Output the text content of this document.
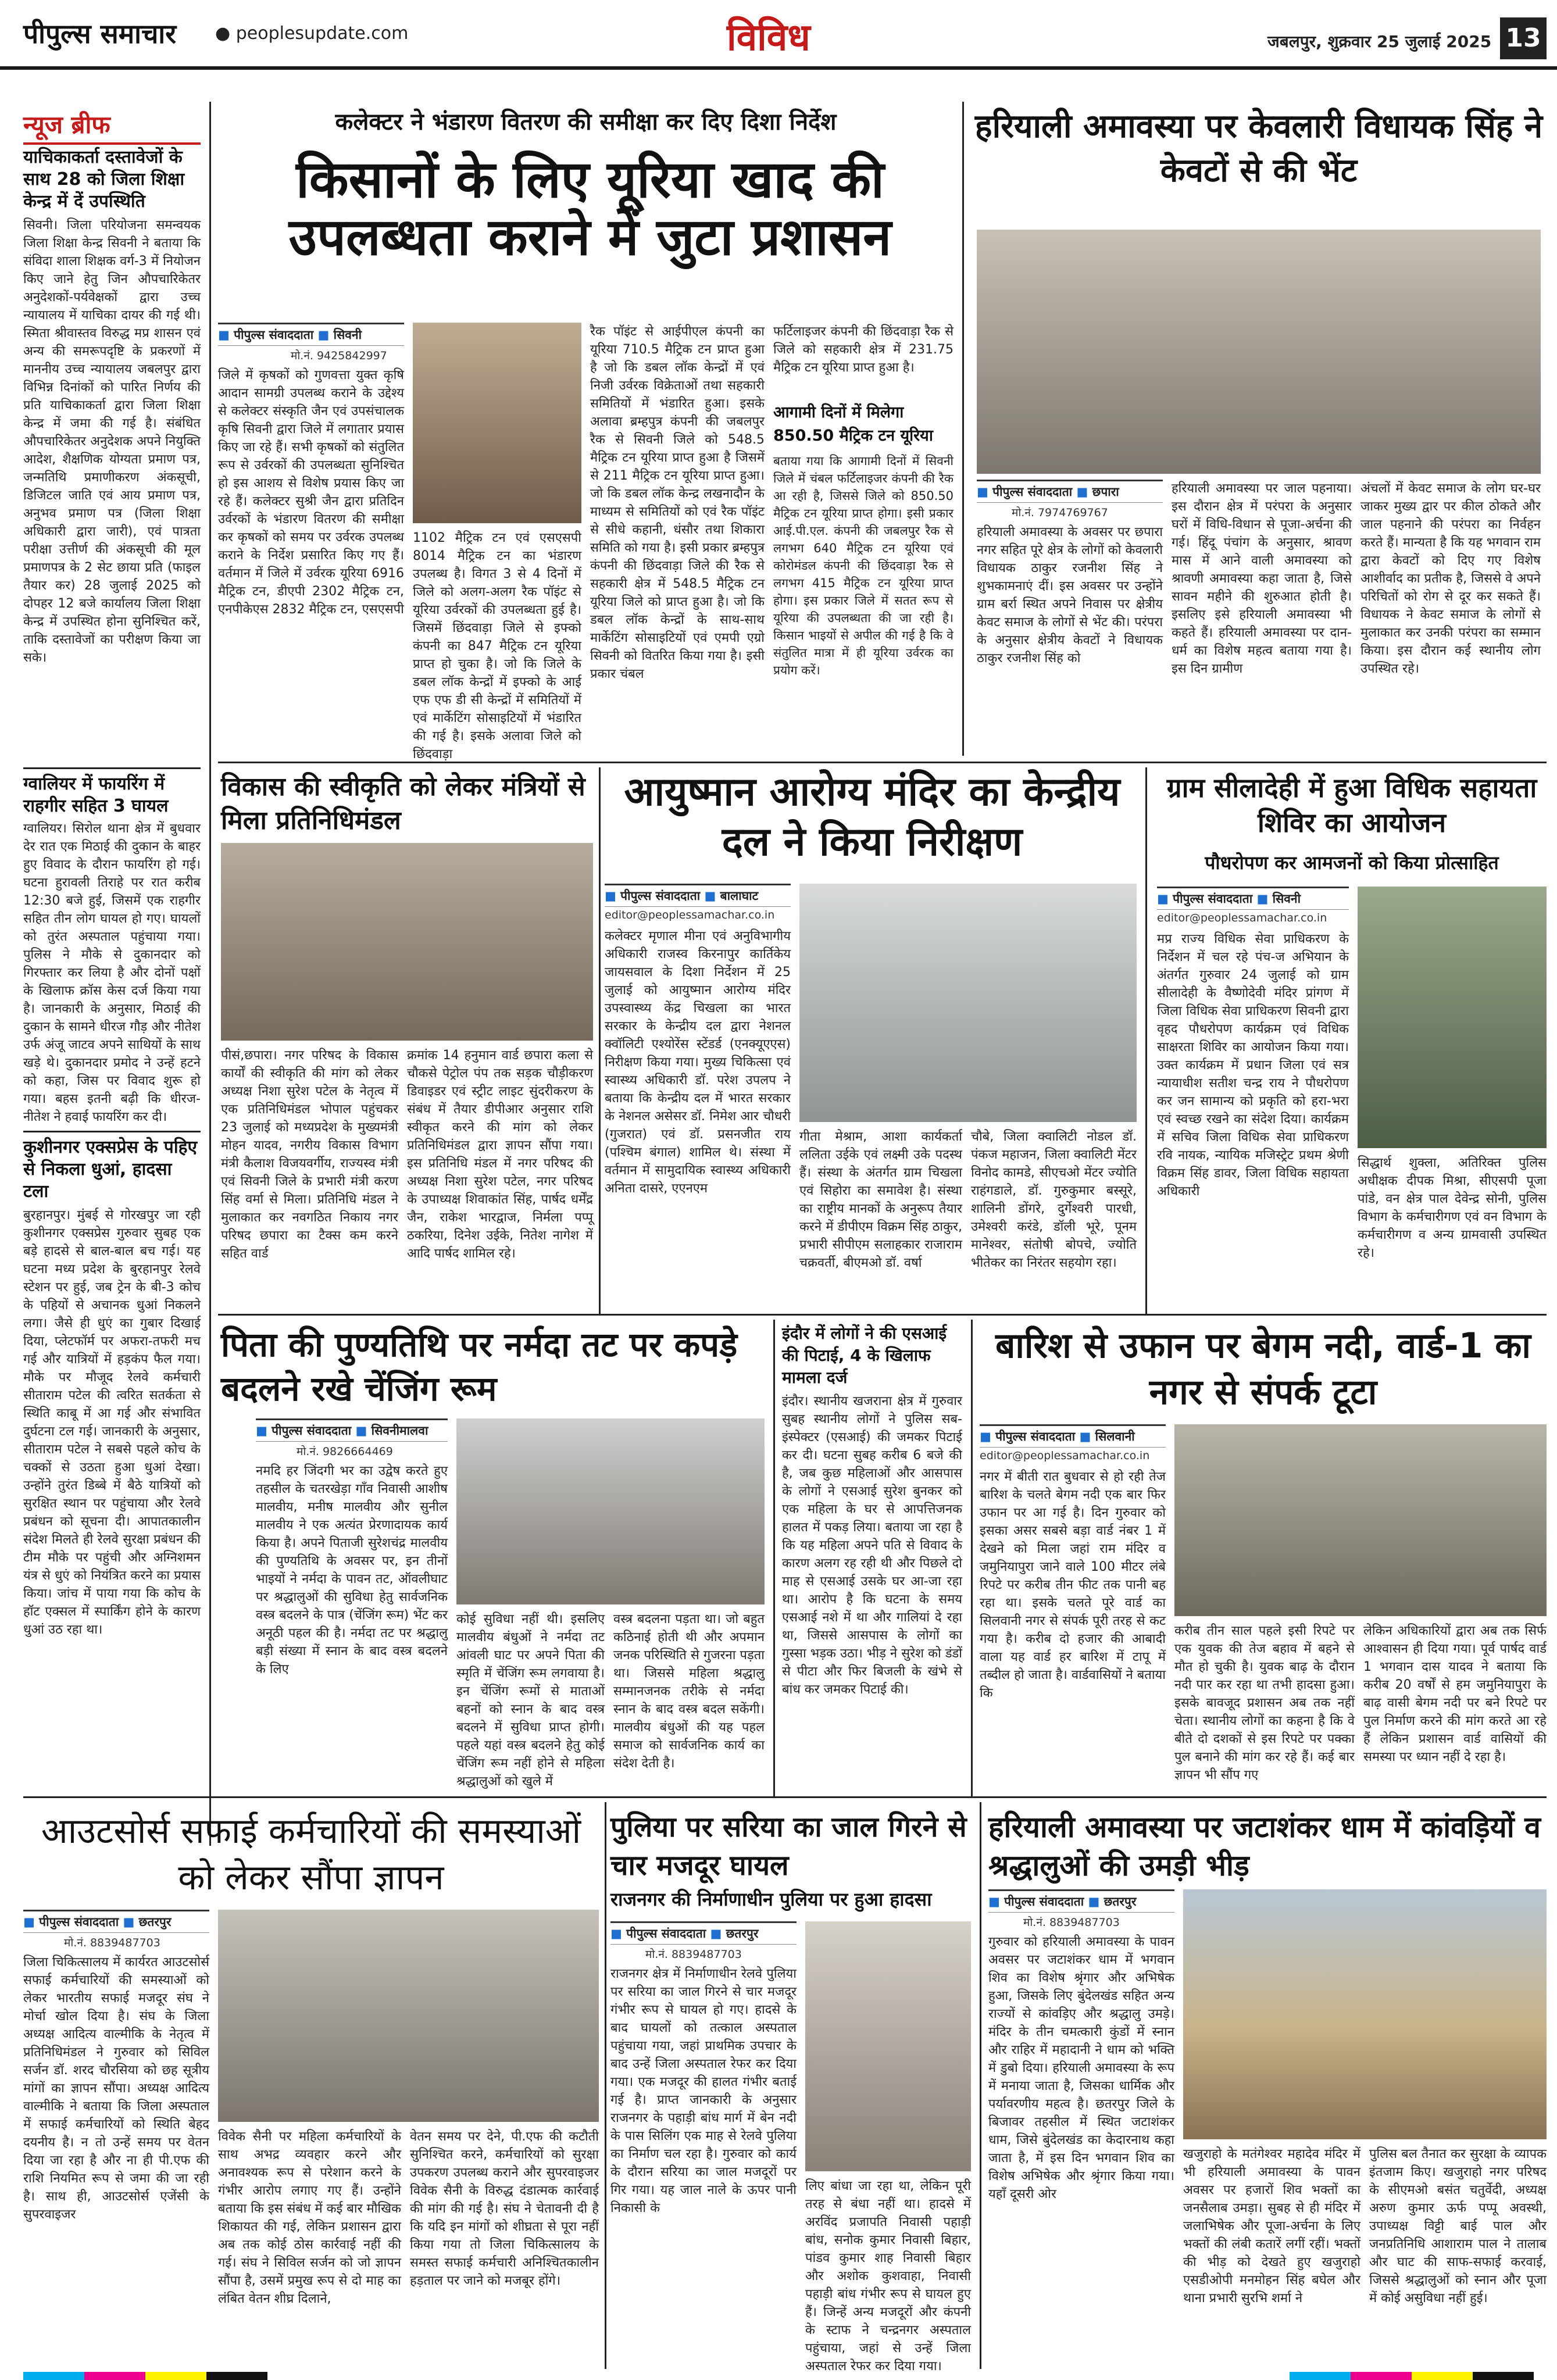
पीपुल्स समाचार ● peoplesupdate.com	विविध	जबलपुर, शुक्रवार 25 जुलाई 2025 13
न्यूज ब्रीफ
याचिकाकर्ता दस्तावेजों के साथ 28 को जिला शिक्षा केन्द्र में दें उपस्थिति
सिवनी। जिला परियोजना समन्वयक जिला शिक्षा केन्द्र सिवनी ने बताया कि संविदा शाला शिक्षक वर्ग-3 में नियोजन किए जाने हेतु जिन औपचारिकेतर अनुदेशकों-पर्यवेक्षकों द्वारा उच्च न्यायालय में याचिका दायर की गई थी। स्मिता श्रीवास्तव विरुद्ध मप्र शासन एवं अन्य की समरूपदृष्टि के प्रकरणों में माननीय उच्च न्यायालय जबलपुर द्वारा विभिन्न दिनांकों को पारित निर्णय की प्रति याचिकाकर्ता द्वारा जिला शिक्षा केन्द्र में जमा की गई है। संबंधित औपचारिकेतर अनुदेशक अपने नियुक्ति आदेश, शैक्षणिक योग्यता प्रमाण पत्र, जन्मतिथि प्रमाणीकरण अंकसूची, डिजिटल जाति एवं आय प्रमाण पत्र, अनुभव प्रमाण पत्र (जिला शिक्षा अधिकारी द्वारा जारी), एवं पात्रता परीक्षा उत्तीर्ण की अंकसूची की मूल प्रमाणपत्र के 2 सेट छाया प्रति (फाइल तैयार कर) 28 जुलाई 2025 को दोपहर 12 बजे कार्यालय जिला शिक्षा केन्द्र में उपस्थित होना सुनिश्चित करें, ताकि दस्तावेजों का परीक्षण किया जा सके।
ग्वालियर में फायरिंग में राहगीर सहित 3 घायल
ग्वालियर। सिरोल थाना क्षेत्र में बुधवार देर रात एक मिठाई की दुकान के बाहर हुए विवाद के दौरान फायरिंग हो गई। घटना हुरावली तिराहे पर रात करीब 12:30 बजे हुई, जिसमें एक राहगीर सहित तीन लोग घायल हो गए। घायलों को तुरंत अस्पताल पहुंचाया गया। पुलिस ने मौके से दुकानदार को गिरफ्तार कर लिया है और दोनों पक्षों के खिलाफ क्रॉस केस दर्ज किया गया है। जानकारी के अनुसार, मिठाई की दुकान के सामने धीरज गौड़ और नीतेश उर्फ अंजू जाटव अपने साथियों के साथ खड़े थे। दुकानदार प्रमोद ने उन्हें हटने को कहा, जिस पर विवाद शुरू हो गया। बहस इतनी बढ़ी कि धीरज-नीतेश ने हवाई फायरिंग कर दी।
कुशीनगर एक्सप्रेस के पहिए से निकला धुआं, हादसा टला
बुरहानपुर। मुंबई से गोरखपुर जा रही कुशीनगर एक्सप्रेस गुरुवार सुबह एक बड़े हादसे से बाल-बाल बच गई। यह घटना मध्य प्रदेश के बुरहानपुर रेलवे स्टेशन पर हुई, जब ट्रेन के बी-3 कोच के पहियों से अचानक धुआं निकलने लगा। जैसे ही धुएं का गुबार दिखाई दिया, प्लेटफॉर्म पर अफरा-तफरी मच गई और यात्रियों में हड़कंप फैल गया। मौके पर मौजूद रेलवे कर्मचारी सीताराम पटेल की त्वरित सतर्कता से स्थिति काबू में आ गई और संभावित दुर्घटना टल गई। जानकारी के अनुसार, सीताराम पटेल ने सबसे पहले कोच के चक्कों से उठता हुआ धुआं देखा। उन्होंने तुरंत डिब्बे में बैठे यात्रियों को सुरक्षित स्थान पर पहुंचाया और रेलवे प्रबंधन को सूचना दी। आपातकालीन संदेश मिलते ही रेलवे सुरक्षा प्रबंधन की टीम मौके पर पहुंची और अग्निशमन यंत्र से धुएं को नियंत्रित करने का प्रयास किया। जांच में पाया गया कि कोच के हॉट एक्सल में स्पार्किंग होने के कारण धुआं उठ रहा था।
कलेक्टर ने भंडारण वितरण की समीक्षा कर दिए दिशा निर्देश
किसानों के लिए यूरिया खाद की उपलब्धता कराने में जुटा प्रशासन
■ पीपुल्स संवाददाता ■ सिवनी
मो.नं. 9425842997
जिले में कृषकों को गुणवत्ता युक्त कृषि आदान सामग्री उपलब्ध कराने के उद्देश्य से कलेक्टर संस्कृति जैन एवं उपसंचालक कृषि सिवनी द्वारा जिले में लगातार प्रयास किए जा रहे हैं। सभी कृषकों को संतुलित रूप से उर्वरकों की उपलब्धता सुनिश्चित हो इस आशय से विशेष प्रयास किए जा रहे हैं। कलेक्टर सुश्री जैन द्वारा प्रतिदिन उर्वरकों के भंडारण वितरण की समीक्षा कर कृषकों को समय पर उर्वरक उपलब्ध कराने के निर्देश प्रसारित किए गए हैं। वर्तमान में जिले में उर्वरक यूरिया 6916 मैट्रिक टन, डीएपी 2302 मैट्रिक टन, एनपीकेएस 2832 मैट्रिक टन, एसएसपी
1102 मैट्रिक टन एवं एसएसपी 8014 मैट्रिक टन का भंडारण उपलब्ध है। विगत 3 से 4 दिनों में जिले को अलग-अलग रैक पॉइंट से यूरिया उर्वरकों की उपलब्धता हुई है। जिसमें छिंदवाड़ा जिले से इफ्को कंपनी का 847 मैट्रिक टन यूरिया प्राप्त हो चुका है। जो कि जिले के डबल लॉक केन्द्रों में इफ्को के आई एफ एफ डी सी केन्द्रों में समितियों में एवं मार्केटिंग सोसाइटियों में भंडारित की गई है। इसके अलावा जिले को छिंदवाड़ा
रैक पॉइंट से आईपीएल कंपनी का यूरिया 710.5 मैट्रिक टन प्राप्त हुआ है जो कि डबल लॉक केन्द्रों में एवं निजी उर्वरक विक्रेताओं तथा सहकारी समितियों में भंडारित हुआ। इसके अलावा ब्रम्हपुत्र कंपनी की जबलपुर रैक से सिवनी जिले को 548.5 मैट्रिक टन यूरिया प्राप्त हुआ है जिसमें से 211 मैट्रिक टन यूरिया प्राप्त हुआ। जो कि डबल लॉक केन्द्र लखनादौन के माध्यम से समितियों को एवं रैक पॉइंट से सीधे कहानी, धंसौर तथा शिकारा समिति को गया है। इसी प्रकार ब्रम्हपुत्र कंपनी की छिंदवाड़ा जिले की रैक से सहकारी क्षेत्र में 548.5 मैट्रिक टन यूरिया जिले को प्राप्त हुआ है। जो कि डबल लॉक केन्द्रों के साथ-साथ मार्केटिंग सोसाइटियों एवं एमपी एग्रो सिवनी को वितरित किया गया है। इसी प्रकार चंबल
फर्टिलाइजर कंपनी की छिंदवाड़ा रैक से जिले को सहकारी क्षेत्र में 231.75 मैट्रिक टन यूरिया प्राप्त हुआ है।
आगामी दिनों में मिलेगा 850.50 मैट्रिक टन यूरिया
बताया गया कि आगामी दिनों में सिवनी जिले में चंबल फर्टिलाइजर कंपनी की रैक आ रही है, जिससे जिले को 850.50 मैट्रिक टन यूरिया प्राप्त होगा। इसी प्रकार आई.पी.एल. कंपनी की जबलपुर रैक से लगभग 640 मैट्रिक टन यूरिया एवं कोरोमंडल कंपनी की छिंदवाड़ा रैक से लगभग 415 मैट्रिक टन यूरिया प्राप्त होगा। इस प्रकार जिले में सतत रूप से यूरिया की उपलब्धता की जा रही है। किसान भाइयों से अपील की गई है कि वे संतुलित मात्रा में ही यूरिया उर्वरक का प्रयोग करें।
हरियाली अमावस्या पर केवलारी विधायक सिंह ने केवटों से की भेंट
■ पीपुल्स संवाददाता ■ छपारा
मो.नं. 7974769767
हरियाली अमावस्या के अवसर पर छपारा नगर सहित पूरे क्षेत्र के लोगों को केवलारी विधायक ठाकुर रजनीश सिंह ने शुभकामनाएं दीं। इस अवसर पर उन्होंने ग्राम बर्रा स्थित अपने निवास पर क्षेत्रीय केवट समाज के लोगों से भेंट की। परंपरा के अनुसार क्षेत्रीय केवटों ने विधायक ठाकुर रजनीश सिंह को
हरियाली अमावस्या पर जाल पहनाया। इस दौरान क्षेत्र में परंपरा के अनुसार घरों में विधि-विधान से पूजा-अर्चना की गई। हिंदू पंचांग के अनुसार, श्रावण मास में आने वाली अमावस्या को श्रावणी अमावस्या कहा जाता है, जिसे सावन महीने की शुरुआत होती है। इसलिए इसे हरियाली अमावस्या भी कहते हैं। हरियाली अमावस्या पर दान-धर्म का विशेष महत्व बताया गया है। इस दिन ग्रामीण
अंचलों में केवट समाज के लोग घर-घर जाकर मुख्य द्वार पर कील ठोकते और जाल पहनाने की परंपरा का निर्वहन करते हैं। मान्यता है कि यह भगवान राम द्वारा केवटों को दिए गए विशेष आशीर्वाद का प्रतीक है, जिससे वे अपने परिचितों को रोग से दूर कर सकते हैं। विधायक ने केवट समाज के लोगों से मुलाकात कर उनकी परंपरा का सम्मान किया। इस दौरान कई स्थानीय लोग उपस्थित रहे।
विकास की स्वीकृति को लेकर मंत्रियों से मिला प्रतिनिधिमंडल
पीसं,छपारा। नगर परिषद के विकास कार्यों की स्वीकृति की मांग को लेकर अध्यक्ष निशा सुरेश पटेल के नेतृत्व में एक प्रतिनिधिमंडल भोपाल पहुंचकर 23 जुलाई को मध्यप्रदेश के मुख्यमंत्री मोहन यादव, नगरीय विकास विभाग मंत्री कैलाश विजयवर्गीय, राज्यस्व मंत्री एवं सिवनी जिले के प्रभारी मंत्री करण सिंह वर्मा से मिला। प्रतिनिधि मंडल ने मुलाकात कर नवगठित निकाय नगर परिषद छपारा का टैक्स कम करने सहित वार्ड
क्रमांक 14 हनुमान वार्ड छपारा कला से चौकसे पेट्रोल पंप तक सड़क चौड़ीकरण डिवाइडर एवं स्ट्रीट लाइट सुंदरीकरण के संबंध में तैयार डीपीआर अनुसार राशि स्वीकृत करने की मांग को लेकर प्रतिनिधिमंडल द्वारा ज्ञापन सौंपा गया। इस प्रतिनिधि मंडल में नगर परिषद की अध्यक्ष निशा सुरेश पटेल, नगर परिषद के उपाध्यक्ष शिवाकांत सिंह, पार्षद धर्मेंद्र जैन, राकेश भारद्वाज, निर्मला पप्पू ठकरिया, दिनेश उईके, नितेश नागेश में आदि पार्षद शामिल रहे।
आयुष्मान आरोग्य मंदिर का केन्द्रीय दल ने किया निरीक्षण
■ पीपुल्स संवाददाता ■ बालाघाट
editor@peoplessamachar.co.in
कलेक्टर मृणाल मीना एवं अनुविभागीय अधिकारी राजस्व किरनापुर कार्तिकेय जायसवाल के दिशा निर्देशन में 25 जुलाई को आयुष्मान आरोग्य मंदिर उपस्वास्थ्य केंद्र चिखला का भारत सरकार के केन्द्रीय दल द्वारा नेशनल क्वॉलिटी एश्योरेंस स्टेंडर्ड (एनक्यूएएस) निरीक्षण किया गया। मुख्य चिकित्सा एवं स्वास्थ्य अधिकारी डॉ. परेश उपलप ने बताया कि केन्द्रीय दल में भारत सरकार के नेशनल असेसर डॉ. निमेश आर चौधरी (गुजरात) एवं डॉ. प्रसनजीत राय (पश्चिम बंगाल) शामिल थे। संस्था में वर्तमान में सामुदायिक स्वास्थ्य अधिकारी अनिता दासरे, एएनएम
गीता मेश्राम, आशा कार्यकर्ता ललिता उईके एवं लक्ष्मी उके पदस्थ हैं। संस्था के अंतर्गत ग्राम चिखला एवं सिहोरा का समावेश है। संस्था का राष्ट्रीय मानकों के अनुरूप तैयार करने में डीपीएम विक्रम सिंह ठाकुर, प्रभारी सीपीएम सलाहकार राजाराम चक्रवर्ती, बीएमओ डॉ. वर्षा
चौबे, जिला क्वालिटी नोडल डॉ. पंकज महाजन, जिला क्वालिटी मेंटर विनोद कामडे, सीएचओ मेंटर ज्योति राहंगडाले, डॉ. गुरुकुमार बस्सूरे, शालिनी डोंगरे, दुर्गेश्वरी पारधी, उमेश्वरी करंडे, डॉली भूरे, पूनम मानेश्वर, संतोषी बोपचे, ज्योति भीतेकर का निरंतर सहयोग रहा।
ग्राम सीलादेही में हुआ विधिक सहायता शिविर का आयोजन
पौधरोपण कर आमजनों को किया प्रोत्साहित
■ पीपुल्स संवाददाता ■ सिवनी
editor@peoplessamachar.co.in
मप्र राज्य विधिक सेवा प्राधिकरण के निर्देशन में चल रहे पंच-ज अभियान के अंतर्गत गुरुवार 24 जुलाई को ग्राम सीलादेही के वैष्णोदेवी मंदिर प्रांगण में जिला विधिक सेवा प्राधिकरण सिवनी द्वारा वृहद पौधरोपण कार्यक्रम एवं विधिक साक्षरता शिविर का आयोजन किया गया। उक्त कार्यक्रम में प्रधान जिला एवं सत्र न्यायाधीश सतीश चन्द्र राय ने पौधरोपण कर जन सामान्य को प्रकृति को हरा-भरा एवं स्वच्छ रखने का संदेश दिया। कार्यक्रम में सचिव जिला विधिक सेवा प्राधिकरण रवि नायक, न्यायिक मजिस्ट्रेट प्रथम श्रेणी विक्रम सिंह डावर, जिला विधिक सहायता अधिकारी
सिद्धार्थ शुक्ला, अतिरिक्त पुलिस अधीक्षक दीपक मिश्रा, सीएसपी पूजा पांडे, वन क्षेत्र पाल देवेन्द्र सोनी, पुलिस विभाग के कर्मचारीगण एवं वन विभाग के कर्मचारीगण व अन्य ग्रामवासी उपस्थित रहे।
पिता की पुण्यतिथि पर नर्मदा तट पर कपड़े बदलने रखे चेंजिंग रूम
■ पीपुल्स संवाददाता ■ सिवनीमालवा
मो.नं. 9826664469
नमदि हर जिंदगी भर का उद्वेष करते हुए तहसील के चतरखेड़ा गाँव निवासी आशीष मालवीय, मनीष मालवीय और सुनील मालवीय ने एक अत्यंत प्रेरणादायक कार्य किया है। अपने पिताजी सुरेशचंद्र मालवीय की पुण्यतिथि के अवसर पर, इन तीनों भाइयों ने नर्मदा के पावन तट, ऑवलीघाट पर श्रद्धालुओं की सुविधा हेतु सार्वजनिक वस्त्र बदलने के पात्र (चेंजिंग रूम) भेंट कर अनूठी पहल की है। नर्मदा तट पर श्रद्धालु बड़ी संख्या में स्नान के बाद वस्त्र बदलने के लिए
कोई सुविधा नहीं थी। इसलिए मालवीय बंधुओं ने नर्मदा तट आंवली घाट पर अपने पिता की स्मृति में चेंजिंग रूम लगवाया है। इन चेंजिंग रूमों से माताओं बहनों को स्नान के बाद वस्त्र बदलने में सुविधा प्राप्त होगी। पहले यहां वस्त्र बदलने हेतु कोई चेंजिंग रूम नहीं होने से महिला श्रद्धालुओं को खुले में
वस्त्र बदलना पड़ता था। जो बहुत कठिनाई होती थी और अपमान जनक परिस्थिति से गुजरना पड़ता था। जिससे महिला श्रद्धालु सम्मानजनक तरीके से नर्मदा स्नान के बाद वस्त्र बदल सकेंगी। मालवीय बंधुओं की यह पहल समाज को सार्वजनिक कार्य का संदेश देती है।
इंदौर में लोगों ने की एसआई की पिटाई, 4 के खिलाफ मामला दर्ज
इंदौर। स्थानीय खजराना क्षेत्र में गुरुवार सुबह स्थानीय लोगों ने पुलिस सब-इंस्पेक्टर (एसआई) की जमकर पिटाई कर दी। घटना सुबह करीब 6 बजे की है, जब कुछ महिलाओं और आसपास के लोगों ने एसआई सुरेश बुनकर को एक महिला के घर से आपत्तिजनक हालत में पकड़ लिया। बताया जा रहा है कि यह महिला अपने पति से विवाद के कारण अलग रह रही थी और पिछले दो माह से एसआई उसके घर आ-जा रहा था। आरोप है कि घटना के समय एसआई नशे में था और गालियां दे रहा था, जिससे आसपास के लोगों का गुस्सा भड़क उठा। भीड़ ने सुरेश को डंडों से पीटा और फिर बिजली के खंभे से बांध कर जमकर पिटाई की।
बारिश से उफान पर बेगम नदी, वार्ड-1 का नगर से संपर्क टूटा
■ पीपुल्स संवाददाता ■ सिलवानी
editor@peoplessamachar.co.in
नगर में बीती रात बुधवार से हो रही तेज बारिश के चलते बेगम नदी एक बार फिर उफान पर आ गई है। दिन गुरुवार को इसका असर सबसे बड़ा वार्ड नंबर 1 में देखने को मिला जहां राम मंदिर व जमुनियापुरा जाने वाले 100 मीटर लंबे रिपटे पर करीब तीन फीट तक पानी बह रहा था। इसके चलते पूरे वार्ड का सिलवानी नगर से संपर्क पूरी तरह से कट गया है। करीब दो हजार की आबादी वाला यह वार्ड हर बारिश में टापू में तब्दील हो जाता है। वार्डवासियों ने बताया कि
करीब तीन साल पहले इसी रिपटे पर एक युवक की तेज बहाव में बहने से मौत हो चुकी है। युवक बाढ़ के दौरान नदी पार कर रहा था तभी हादसा हुआ। इसके बावजूद प्रशासन अब तक नहीं चेता। स्थानीय लोगों का कहना है कि वे बीते दो दशकों से इस रिपटे पर पक्का पुल बनाने की मांग कर रहे हैं। कई बार ज्ञापन भी सौंप गए
लेकिन अधिकारियों द्वारा अब तक सिर्फ आश्वासन ही दिया गया। पूर्व पार्षद वार्ड 1 भगवान दास यादव ने बताया कि करीब 20 वर्षों से हम जमुनियापुरा के बाढ़ वासी बेगम नदी पर बने रिपटे पर पुल निर्माण करने की मांग करते आ रहे हैं लेकिन प्रशासन वार्ड वासियों की समस्या पर ध्यान नहीं दे रहा है।
आउटसोर्स सफाई कर्मचारियों की समस्याओं को लेकर सौंपा ज्ञापन
■ पीपुल्स संवाददाता ■ छतरपुर
मो.नं. 8839487703
जिला चिकित्सालय में कार्यरत आउटसोर्स सफाई कर्मचारियों की समस्याओं को लेकर भारतीय सफाई मजदूर संघ ने मोर्चा खोल दिया है। संघ के जिला अध्यक्ष आदित्य वाल्मीकि के नेतृत्व में प्रतिनिधिमंडल ने गुरुवार को सिविल सर्जन डॉ. शरद चौरसिया को छह सूत्रीय मांगों का ज्ञापन सौंपा। अध्यक्ष आदित्य वाल्मीकि ने बताया कि जिला अस्पताल में सफाई कर्मचारियों को स्थिति बेहद दयनीय है। न तो उन्हें समय पर वेतन दिया जा रहा है और ना ही पी.एफ की राशि नियमित रूप से जमा की जा रही है। साथ ही, आउटसोर्स एजेंसी के सुपरवाइजर
विवेक सैनी पर महिला कर्मचारियों के साथ अभद्र व्यवहार करने और अनावश्यक रूप से परेशान करने के गंभीर आरोप लगाए गए हैं। उन्होंने बताया कि इस संबंध में कई बार मौखिक शिकायत की गई, लेकिन प्रशासन द्वारा अब तक कोई ठोस कार्रवाई नहीं की गई। संघ ने सिविल सर्जन को जो ज्ञापन सौंपा है, उसमें प्रमुख रूप से दो माह का लंबित वेतन शीघ्र दिलाने,
वेतन समय पर देने, पी.एफ की कटौती सुनिश्चित करने, कर्मचारियों को सुरक्षा उपकरण उपलब्ध कराने और सुपरवाइजर विवेक सैनी के विरुद्ध दंडात्मक कार्रवाई की मांग की गई है। संघ ने चेतावनी दी है कि यदि इन मांगों को शीघ्रता से पूरा नहीं किया गया तो जिला चिकित्सालय के समस्त सफाई कर्मचारी अनिश्चितकालीन हड़ताल पर जाने को मजबूर होंगे।
पुलिया पर सरिया का जाल गिरने से चार मजदूर घायल
राजनगर की निर्माणाधीन पुलिया पर हुआ हादसा
■ पीपुल्स संवाददाता ■ छतरपुर
मो.नं. 8839487703
राजनगर क्षेत्र में निर्माणाधीन रेलवे पुलिया पर सरिया का जाल गिरने से चार मजदूर गंभीर रूप से घायल हो गए। हादसे के बाद घायलों को तत्काल अस्पताल पहुंचाया गया, जहां प्राथमिक उपचार के बाद उन्हें जिला अस्पताल रेफर कर दिया गया। एक मजदूर की हालत गंभीर बताई गई है। प्राप्त जानकारी के अनुसार राजनगर के पहाड़ी बांध मार्ग में बेन नदी के पास सिलिंग एक माह से रेलवे पुलिया का निर्माण चल रहा है। गुरुवार को कार्य के दौरान सरिया का जाल मजदूरों पर गिर गया। यह जाल नाले के ऊपर पानी निकासी के
लिए बांधा जा रहा था, लेकिन पूरी तरह से बंधा नहीं था। हादसे में अरविंद प्रजापति निवासी पहाड़ी बांध, सनोक कुमार निवासी बिहार, पांडव कुमार शाह निवासी बिहार और अशोक कुशवाहा, निवासी पहाड़ी बांध गंभीर रूप से घायल हुए हैं। जिन्हें अन्य मजदूरों और कंपनी के स्टाफ ने चन्द्रनगर अस्पताल पहुंचाया, जहां से उन्हें जिला अस्पताल रेफर कर दिया गया।
हरियाली अमावस्या पर जटाशंकर धाम में कांवड़ियों व श्रद्धालुओं की उमड़ी भीड़
■ पीपुल्स संवाददाता ■ छतरपुर
मो.नं. 8839487703
गुरुवार को हरियाली अमावस्या के पावन अवसर पर जटाशंकर धाम में भगवान शिव का विशेष श्रृंगार और अभिषेक हुआ, जिसके लिए बुंदेलखंड सहित अन्य राज्यों से कांवड़िए और श्रद्धालु उमड़े। मंदिर के तीन चमत्कारी कुंडों में स्नान और राहिर में महादानी ने धाम को भक्ति में डुबो दिया। हरियाली अमावस्या के रूप में मनाया जाता है, जिसका धार्मिक और पर्यावरणीय महत्व है। छतरपुर जिले के बिजावर तहसील में स्थित जटाशंकर धाम, जिसे बुंदेलखंड का केदारनाथ कहा जाता है, में इस दिन भगवान शिव का विशेष अभिषेक और श्रृंगार किया गया। यहाँ दूसरी ओर
खजुराहो के मतंगेश्वर महादेव मंदिर में भी हरियाली अमावस्या के पावन अवसर पर हजारों शिव भक्तों का जनसैलाब उमड़ा। सुबह से ही मंदिर में जलाभिषेक और पूजा-अर्चना के लिए भक्तों की लंबी कतारें लगीं रहीं। भक्तों की भीड़ को देखते हुए खजुराहो एसडीओपी मनमोहन सिंह बघेल और थाना प्रभारी सुरभि शर्मा ने
पुलिस बल तैनात कर सुरक्षा के व्यापक इंतजाम किए। खजुराहो नगर परिषद के सीएमओ बसंत चतुर्वेदी, अध्यक्ष अरुण कुमार ऊर्फ पप्पू अवस्थी, उपाध्यक्ष विट्टी बाई पाल और जनप्रतिनिधि आशाराम पाल ने तालाब और घाट की साफ-सफाई करवाई, जिससे श्रद्धालुओं को स्नान और पूजा में कोई असुविधा नहीं हुई।
